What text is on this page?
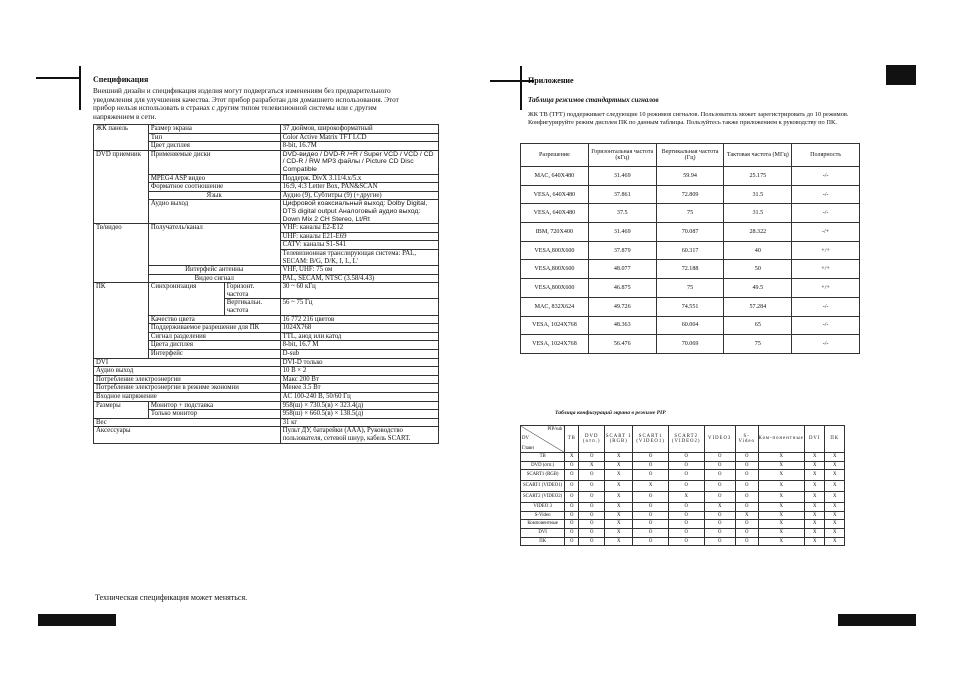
Спецификация
Внешний дизайн и спецификация изделия могут подвергаться изменениям без предварительного уведомления для улучшения качества. Этот прибор разработан для домашнего использования. Этот прибор нельзя использовать в странах с другим типом телевизионной системы или с другим напряжением в сети.
ЖК панель	Размер экрана		37 дюймов, широкоформатный
	Тип		Color Active Matrix TFT LCD
	Цвет дисплея		8-bit, 16.7M
DVD приемник	Применяемые диски		DVD-видео / DVD-R /+R / Super VCD / VCD / CD / CD-R / RW MP3 файлы / Picture CD Disc Compatible
	MPEG4 ASP видео		Поддерж. DivX 3.11/4.x/5.x
	Форматное соотношение		16:9, 4:3 Letter Box, PAN&SCAN
	Язык		Аудио (9), Субтитры (9) (+другие)
	Аудио выход		Цифровой коаксиальный выход: Dolby Digital, DTS digital output Аналоговый аудио выход: Down Mix 2 CH Stereo, Lt/Rt
Тв/видео	Получатель/канал		VHF: каналы E2-E12
			UHF: каналы E21-E69
			CATV: каналы S1-S41
			Телевизионная транслирующая система: PAL, SECAM: B/G, D/K, I, L, L'
	Интерфейс антенны		VHF, UHF: 75 ом
	Видео сигнал		PAL, SECAM, NTSC (3.58/4.43)
ПК	Синхронизация	Горизонт. частота	30 ~ 60 кГц
		Вертикальн. частота	56 ~ 75 Гц
	Качество цвета		16 772 216 цветов
	Поддерживаемое разрешение для ПК		1024X768
	Сигнал разделения		TTL, анод или катод
	Цвета дисплея		8-bit, 16.7 M
	Интерфейс		D-sub
DVI			DVI-D только
Аудио выход			10 В × 2
Потребление электроэнергии			Макс 200 Вт
Потребление электроэнергии в режиме экономии			Менее 3.5 Вт
Входное напряжение			AC 100-240 В, 50/60 Гц
Размеры	Монитор + подставка		958(ш) × 730.5(в) × 323.4(д)
	Только монитор		958(ш) × 660.5(в) × 138.5(д)
Вес			31 кг
Аксессуары			Пульт ДУ, батарейки (AAA), Руководство пользователя, сетевой шнур, кабель SCART.
Техническая спецификация может меняться.
Приложение
Таблица режимов стандартных сигналов
ЖК ТВ (TFT) поддерживает следующие 10 режимов сигналов. Пользователь может зарегистрировать до 10 режимов. Конфигурируйте режим дисплея ПК по данным таблицы. Пользуйтесь также приложением к руководству по ПК.
Разрешение	Горизонтальная частота (кГц)	Вертикальная частота (Гц)	Тактовая частота (МГц)	Полярность
MAC, 640X480	31.469	59.94	25.175	-/-
VESA, 640X480	37.861	72.809	31.5	-/-
VESA, 640X480	37.5	75	31.5	-/-
IBM, 720X400	31.469	70.087	28.322	-/+
VESA,800X600	37.879	60.317	40	+/+
VESA,800X600	48.077	72.188	50	+/+
VESA,800X600	46.875	75	49.5	+/+
MAC, 832X624	49.726	74.551	57.284	-/-
VESA, 1024X768	48.363	60.004	65	-/-
VESA, 1024X768	56.476	70.069	75	-/-
Таблица конфигураций экрана в режиме PIP
PIP/sub
DV
Главн	ТВ	DVD (отп.)	SCART 1 (RGB)	SCART1 (VIDEO1)	SCART2 (VIDEO2)	VIDEO3	S-Video	Ком-понентные	DVI	ПК
ТВ	X	O	X	O	O	O	O	X	X	X
DVD (отп.)	O	X	X	O	O	O	O	X	X	X
SCART1 (RGB)	O	O	X	O	O	O	O	X	X	X
SCART1 (VIDEO1)	O	O	X	X	O	O	O	X	X	X
SCART2 (VIDEO2)	O	O	X	O	X	O	O	X	X	X
VIDEO 3	O	O	X	O	O	X	O	X	X	X
S-Video	O	O	X	O	O	O	X	X	X	X
Компонентные	O	O	X	O	O	O	O	X	X	X
DVI	O	O	X	O	O	O	O	X	X	X
ПК	O	O	X	O	O	O	O	X	X	X
